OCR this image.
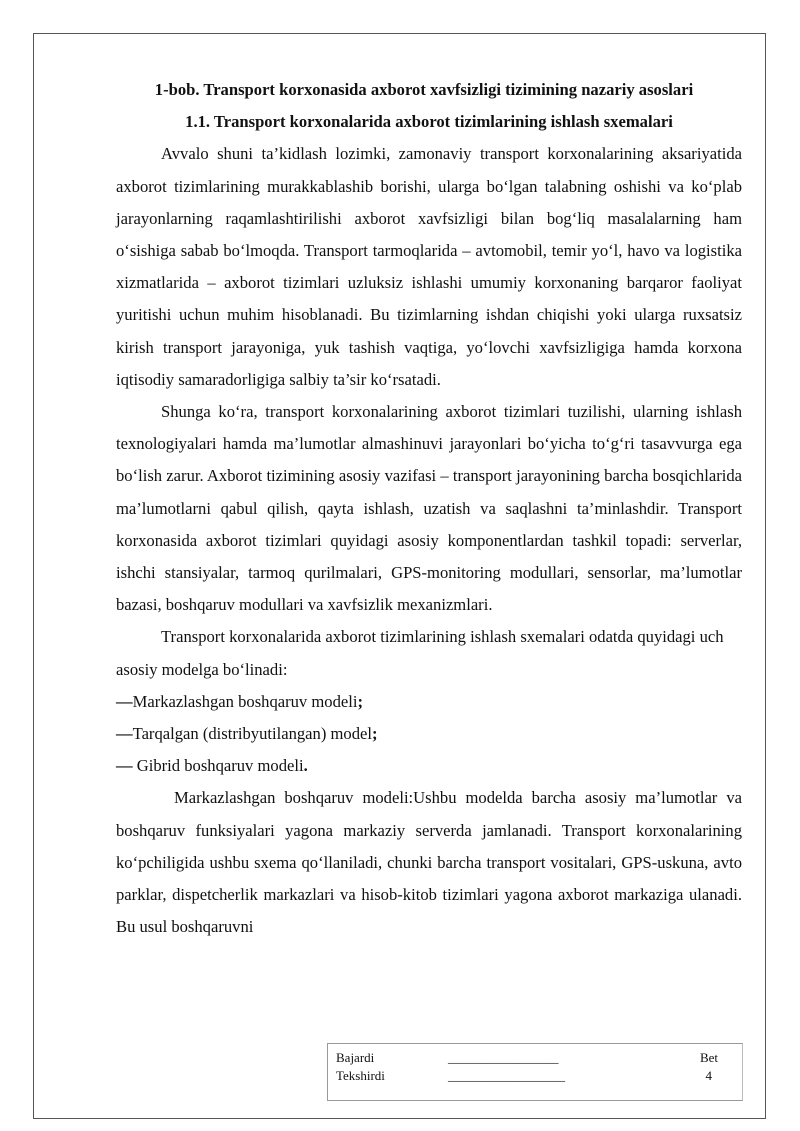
1-bob. Transport korxonasida axborot xavfsizligi tizimining nazariy asoslari

1.1. Transport korxonalarida axborot tizimlarining ishlash sxemalari

Avvalo shuni ta’kidlash lozimki, zamonaviy transport korxonalarining aksariyatida axborot tizimlarining murakkablashib borishi, ularga bo‘lgan talabning oshishi va ko‘plab jarayonlarning raqamlashtirilishi axborot xavfsizligi bilan bog‘liq masalalarning ham o‘sishiga sabab bo‘lmoqda. Transport tarmoqlarida – avtomobil, temir yo‘l, havo va logistika xizmatlarida – axborot tizimlari uzluksiz ishlashi umumiy korxonaning barqaror faoliyat yuritishi uchun muhim hisoblanadi. Bu tizimlarning ishdan chiqishi yoki ularga ruxsatsiz kirish transport jarayoniga, yuk tashish vaqtiga, yo‘lovchi xavfsizligiga hamda korxona iqtisodiy samaradorligiga salbiy ta’sir ko‘rsatadi.

Shunga ko‘ra, transport korxonalarining axborot tizimlari tuzilishi, ularning ishlash texnologiyalari hamda ma’lumotlar almashinuvi jarayonlari bo‘yicha to‘g‘ri tasavvurga ega bo‘lish zarur. Axborot tizimining asosiy vazifasi – transport jarayonining barcha bosqichlarida ma’lumotlarni qabul qilish, qayta ishlash, uzatish va saqlashni ta’minlashdir. Transport korxonasida axborot tizimlari quyidagi asosiy komponentlardan tashkil topadi: serverlar, ishchi stansiyalar, tarmoq qurilmalari, GPS-monitoring modullari, sensorlar, ma’lumotlar bazasi, boshqaruv modullari va xavfsizlik mexanizmlari.

Transport korxonalarida axborot tizimlarining ishlash sxemalari odatda quyidagi uch asosiy modelga bo‘linadi:

—Markazlashgan boshqaruv modeli;

—Tarqalgan (distribyutilangan) model;

— Gibrid boshqaruv modeli.

Markazlashgan boshqaruv modeli:Ushbu modelda barcha asosiy ma’lumotlar va boshqaruv funksiyalari yagona markaziy serverda jamlanadi. Transport korxonalarining ko‘pchiligida ushbu sxema qo‘llaniladi, chunki barcha transport vositalari, GPS-uskuna, avto parklar, dispetcherlik markazlari va hisob-kitob tizimlari yagona axborot markaziga ulanadi. Bu usul boshqaruvni

Bajardi	_________________
Tekshirdi	__________________
Bet
4
